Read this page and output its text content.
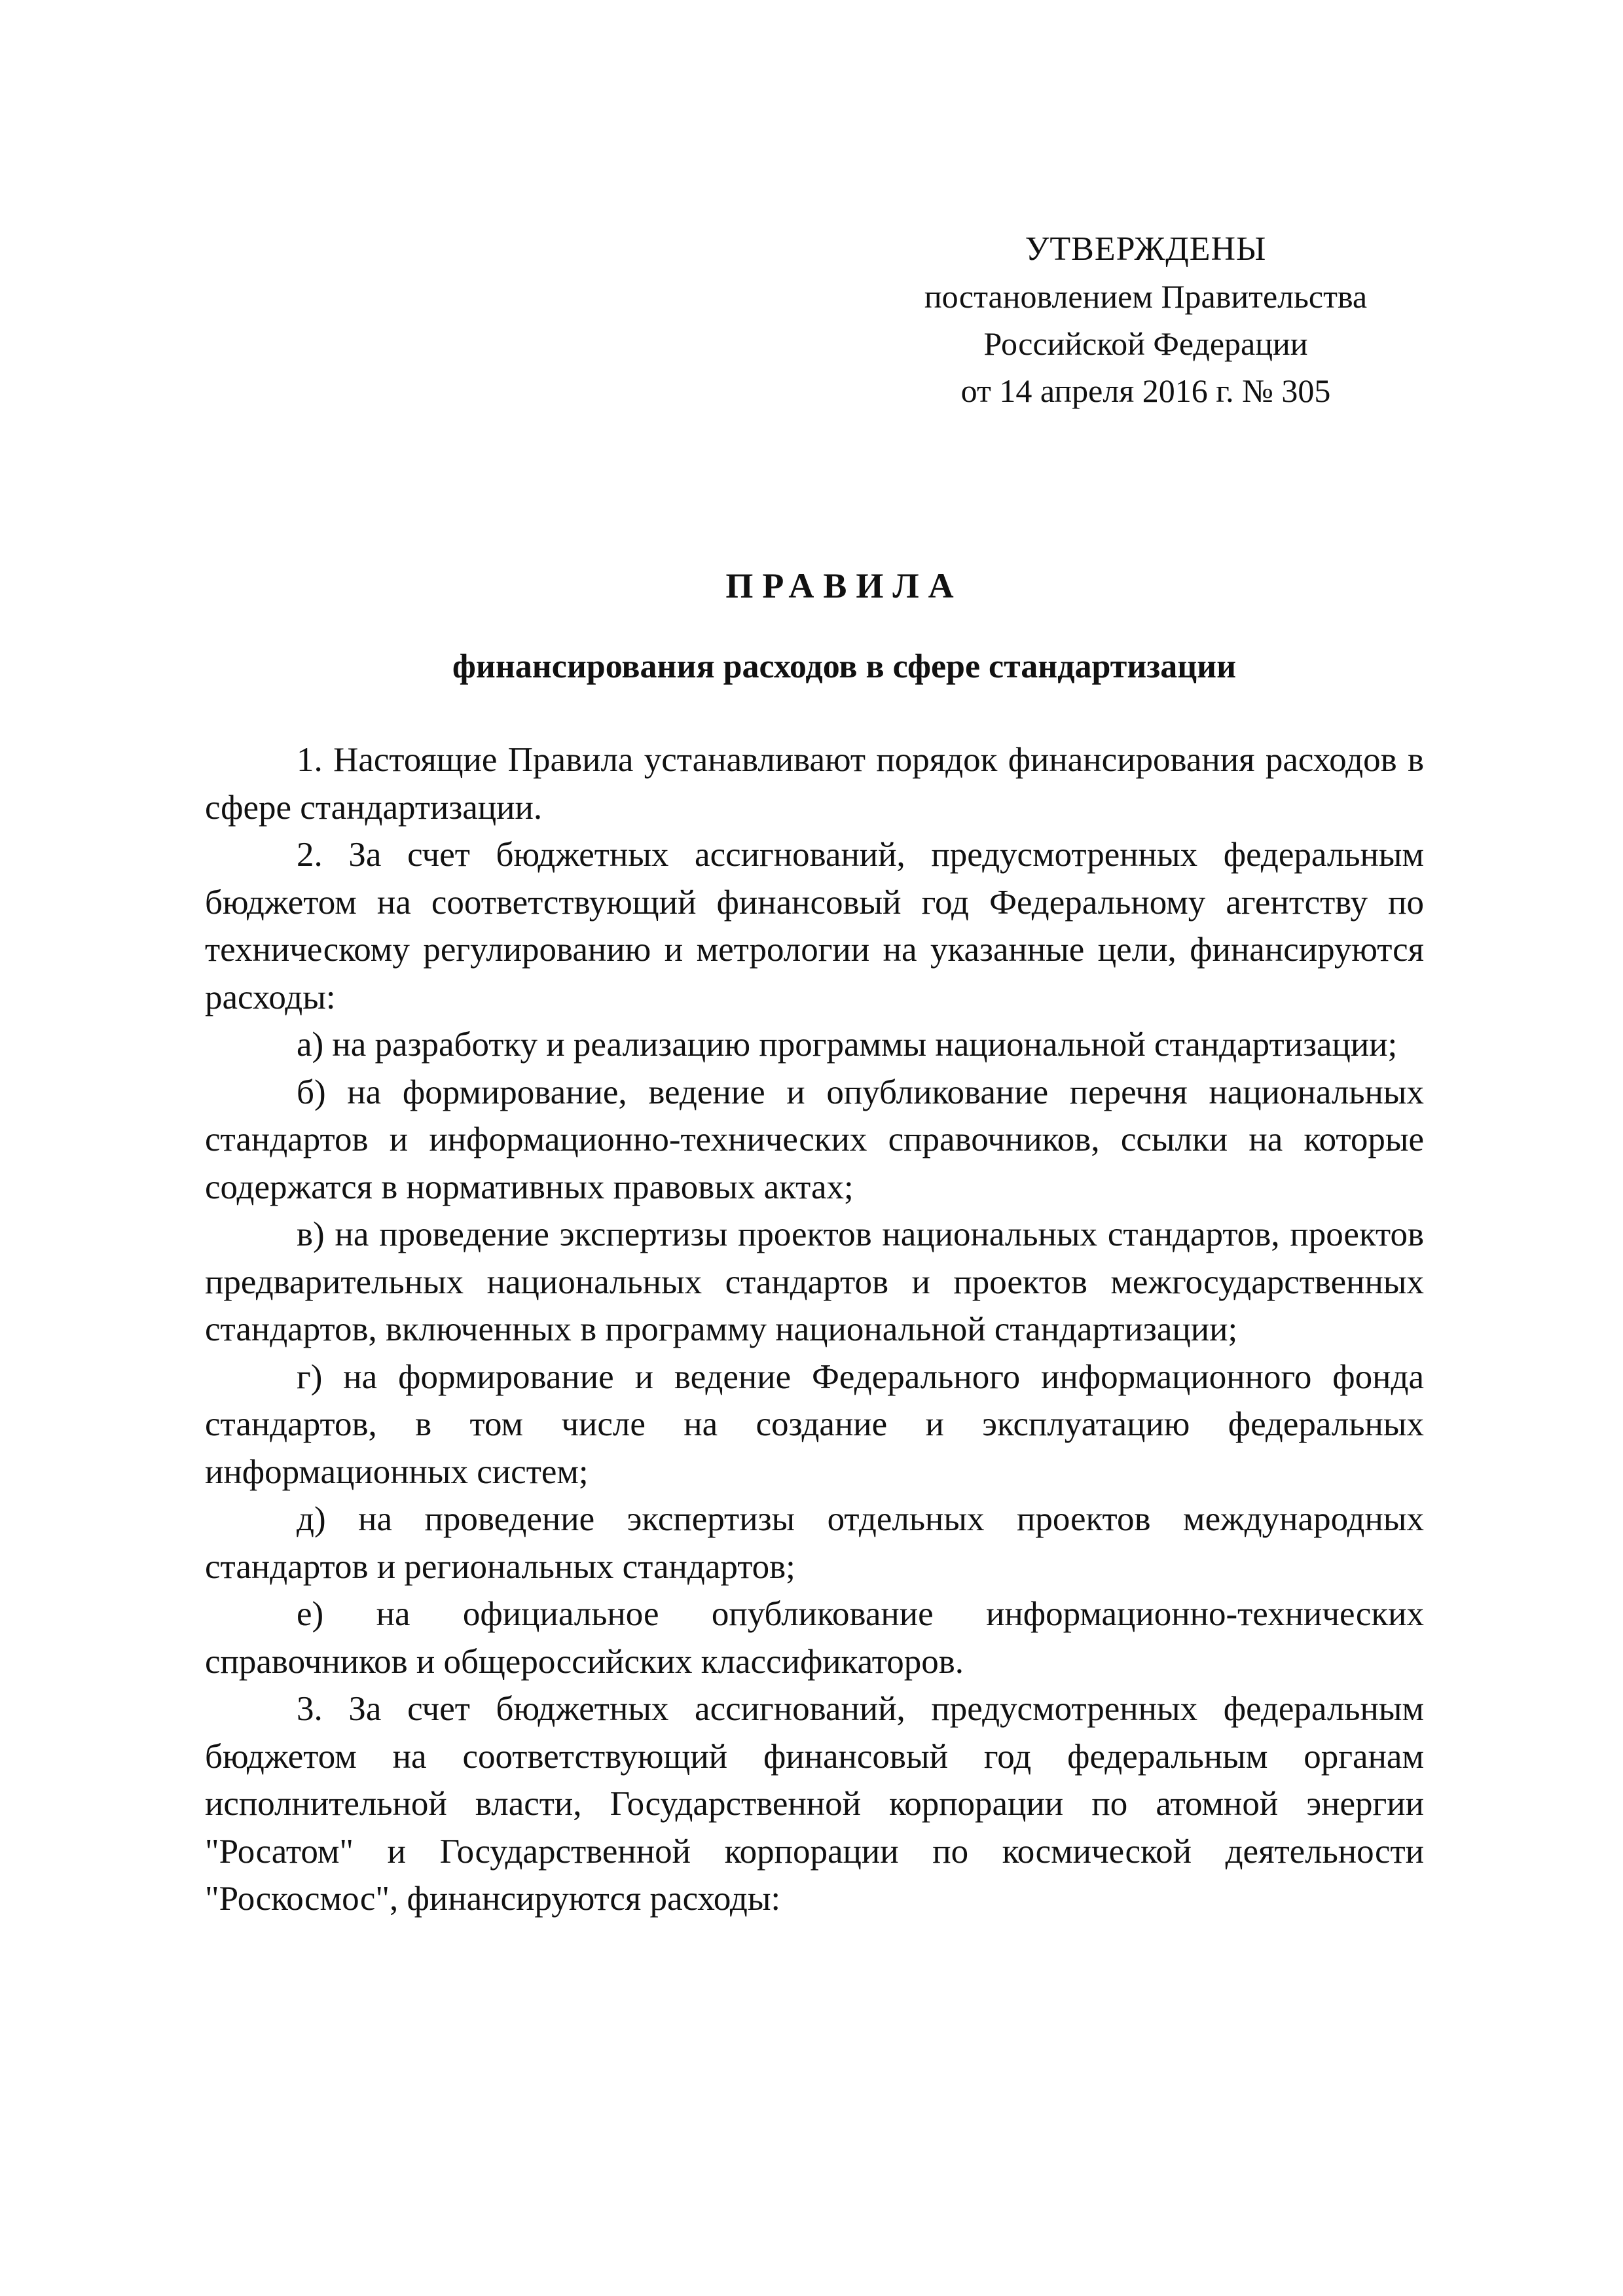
УТВЕРЖДЕНЫ
постановлением Правительства
Российской Федерации
от 14 апреля 2016 г. № 305
ПРАВИЛА
финансирования расходов в сфере стандартизации

1. Настоящие Правила устанавливают порядок финансирования расходов в сфере стандартизации.

2. За счет бюджетных ассигнований, предусмотренных федеральным бюджетом на соответствующий финансовый год Федеральному агентству по техническому регулированию и метрологии на указанные цели, финансируются расходы:

а) на разработку и реализацию программы национальной стандартизации;

б) на формирование, ведение и опубликование перечня национальных стандартов и информационно-технических справочников, ссылки на которые содержатся в нормативных правовых актах;

в) на проведение экспертизы проектов национальных стандартов, проектов предварительных национальных стандартов и проектов межгосударственных стандартов, включенных в программу национальной стандартизации;

г) на формирование и ведение Федерального информационного фонда стандартов, в том числе на создание и эксплуатацию федеральных информационных систем;

д) на проведение экспертизы отдельных проектов международных стандартов и региональных стандартов;

е) на официальное опубликование информационно-технических справочников и общероссийских классификаторов.

3. За счет бюджетных ассигнований, предусмотренных федеральным бюджетом на соответствующий финансовый год федеральным органам исполнительной власти, Государственной корпорации по атомной энергии "Росатом" и Государственной корпорации по космической деятельности "Роскосмос", финансируются расходы:
